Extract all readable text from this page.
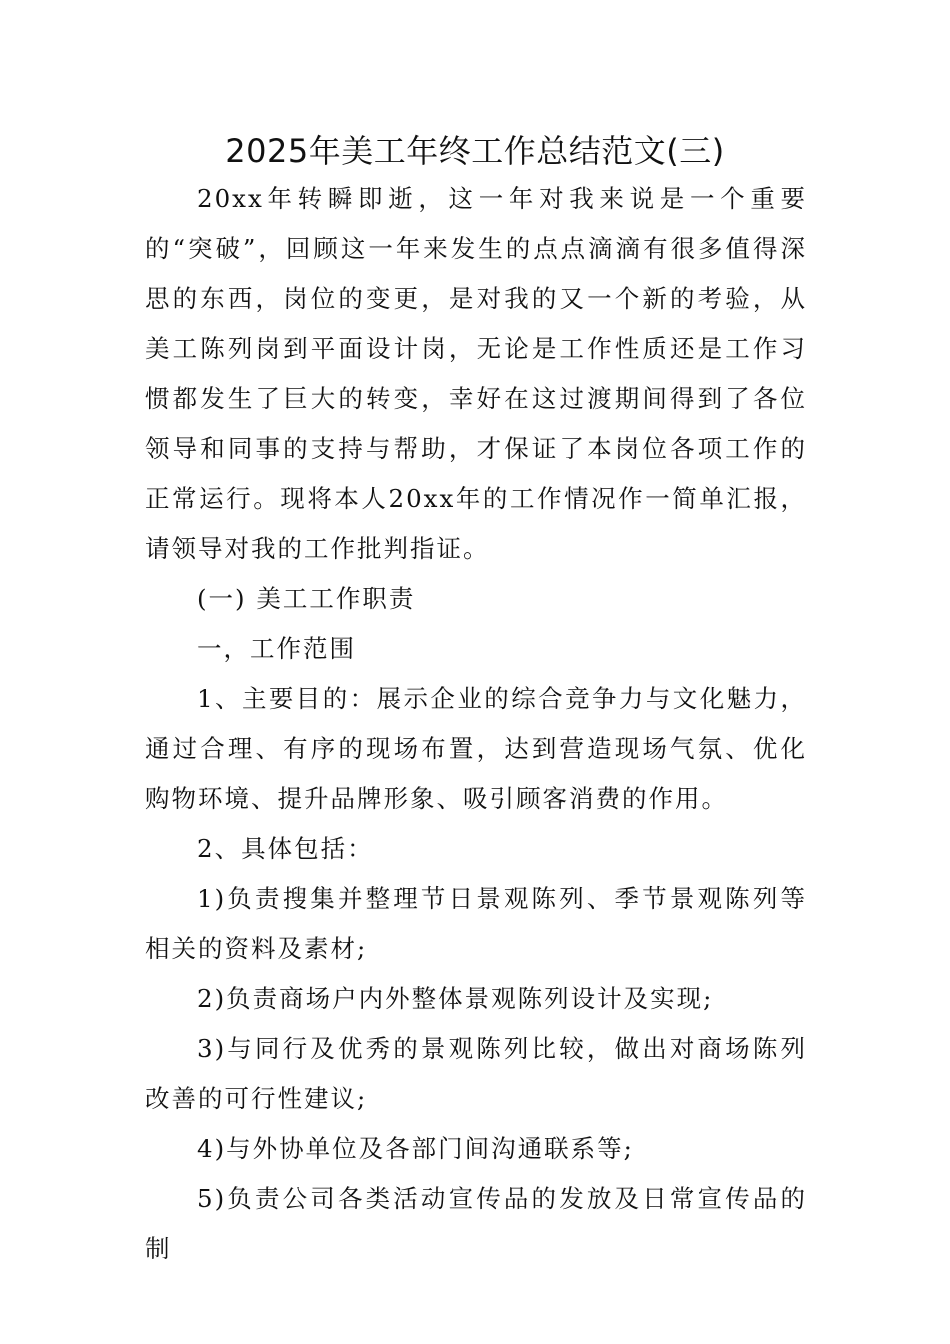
2025年美工年终工作总结范文(三)

20xx年转瞬即逝，这一年对我来说是一个重要的“突破”，回顾这一年来发生的点点滴滴有很多值得深思的东西，岗位的变更，是对我的又一个新的考验，从美工陈列岗到平面设计岗，无论是工作性质还是工作习惯都发生了巨大的转变，幸好在这过渡期间得到了各位领导和同事的支持与帮助，才保证了本岗位各项工作的正常运行。现将本人20xx年的工作情况作一简单汇报，请领导对我的工作批判指证。

(一) 美工工作职责

一，工作范围

1、主要目的：展示企业的综合竞争力与文化魅力，通过合理、有序的现场布置，达到营造现场气氛、优化购物环境、提升品牌形象、吸引顾客消费的作用。

2、具体包括：

1)负责搜集并整理节日景观陈列、季节景观陈列等相关的资料及素材;

2)负责商场户内外整体景观陈列设计及实现;

3)与同行及优秀的景观陈列比较，做出对商场陈列改善的可行性建议;

4)与外协单位及各部门间沟通联系等;

5)负责公司各类活动宣传品的发放及日常宣传品的制
